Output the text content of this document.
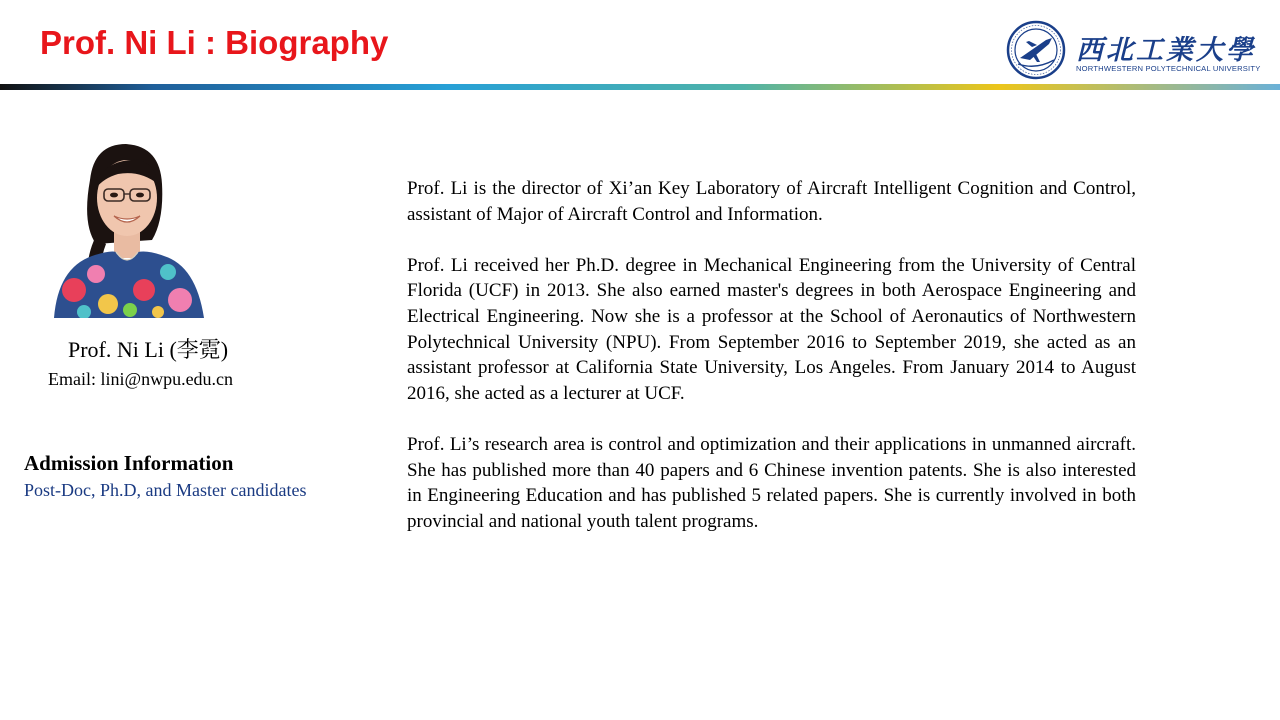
Prof. Ni Li : Biography	西北工業大學
NORTHWESTERN POLYTECHNICAL UNIVERSITY
Prof. Ni Li (李霓)
Email: lini@nwpu.edu.cn
Admission Information
Post-Doc, Ph.D, and Master candidates

Prof. Li is the director of Xi’an Key Laboratory of Aircraft Intelligent Cognition and Control, assistant of Major of Aircraft Control and Information.

Prof. Li received her Ph.D. degree in Mechanical Engineering from the University of Central Florida (UCF) in 2013. She also earned master's degrees in both Aerospace Engineering and Electrical Engineering. Now she is a professor at the School of Aeronautics of Northwestern Polytechnical University (NPU). From September 2016 to September 2019, she acted as an assistant professor at California State University, Los Angeles. From January 2014 to August 2016, she acted as a lecturer at UCF.

Prof. Li’s research area is control and optimization and their applications in unmanned aircraft. She has published more than 40 papers and 6 Chinese invention patents. She is also interested in Engineering Education and has published 5 related papers. She is currently involved in both provincial and national youth talent programs.
